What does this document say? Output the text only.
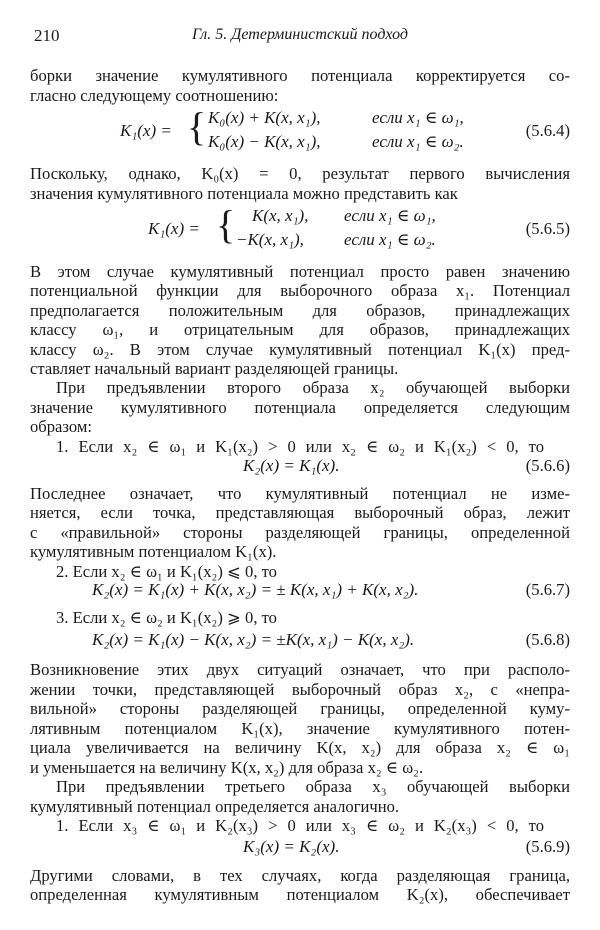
210	Гл. 5. Детерминистский подход
борки значение кумулятивного потенциала корректируется со-
гласно следующему соотношению:
K₁(x) = { K₀(x) + K(x, x₁),	если x₁ ∈ ω₁,
K₀(x) − K(x, x₁),	если x₁ ∈ ω₂.
(5.6.4)
Поскольку, однако, K₀(x) = 0, результат первого вычисления
значения кумулятивного потенциала можно представить как
K₁(x) = { K(x, x₁), если x₁ ∈ ω₁,
−K(x, x₁), если x₁ ∈ ω₂.
(5.6.5)
В этом случае кумулятивный потенциал просто равен значению
потенциальной функции для выборочного образа x₁. Потенциал
предполагается положительным для образов, принадлежащих
классу ω₁, и отрицательным для образов, принадлежащих
классу ω₂. В этом случае кумулятивный потенциал K₁(x) пред-
ставляет начальный вариант разделяющей границы.
При предъявлении второго образа x₂ обучающей выборки
значение кумулятивного потенциала определяется следующим
образом:
1. Если x₂ ∈ ω₁ и K₁(x₂) > 0 или x₂ ∈ ω₂ и K₁(x₂) < 0, то
K₂(x) = K₁(x).	(5.6.6)
Последнее означает, что кумулятивный потенциал не изме-
няется, если точка, представляющая выборочный образ, лежит
с «правильной» стороны разделяющей границы, определенной
кумулятивным потенциалом K₁(x).
2. Если x₂ ∈ ω₁ и K₁(x₂) ⩽ 0, то
K₂(x) = K₁(x) + K(x, x₂) = ± K(x, x₁) + K(x, x₂).	(5.6.7)
3. Если x₂ ∈ ω₂ и K₁(x₂) ⩾ 0, то
K₂(x) = K₁(x) − K(x, x₂) = ±K(x, x₁) − K(x, x₂).	(5.6.8)
Возникновение этих двух ситуаций означает, что при располо-
жении точки, представляющей выборочный образ x₂, с «непра-
вильной» стороны разделяющей границы, определенной куму-
лятивным потенциалом K₁(x), значение кумулятивного потен-
циала увеличивается на величину K(x, x₂) для образа x₂ ∈ ω₁
и уменьшается на величину K(x, x₂) для образа x₂ ∈ ω₂.
При предъявлении третьего образа x₃ обучающей выборки
кумулятивный потенциал определяется аналогично.
1. Если x₃ ∈ ω₁ и K₂(x₃) > 0 или x₃ ∈ ω₂ и K₂(x₃) < 0, то
K₃(x) = K₂(x).	(5.6.9)
Другими словами, в тех случаях, когда разделяющая граница,
определенная кумулятивным потенциалом K₂(x), обеспечивает
